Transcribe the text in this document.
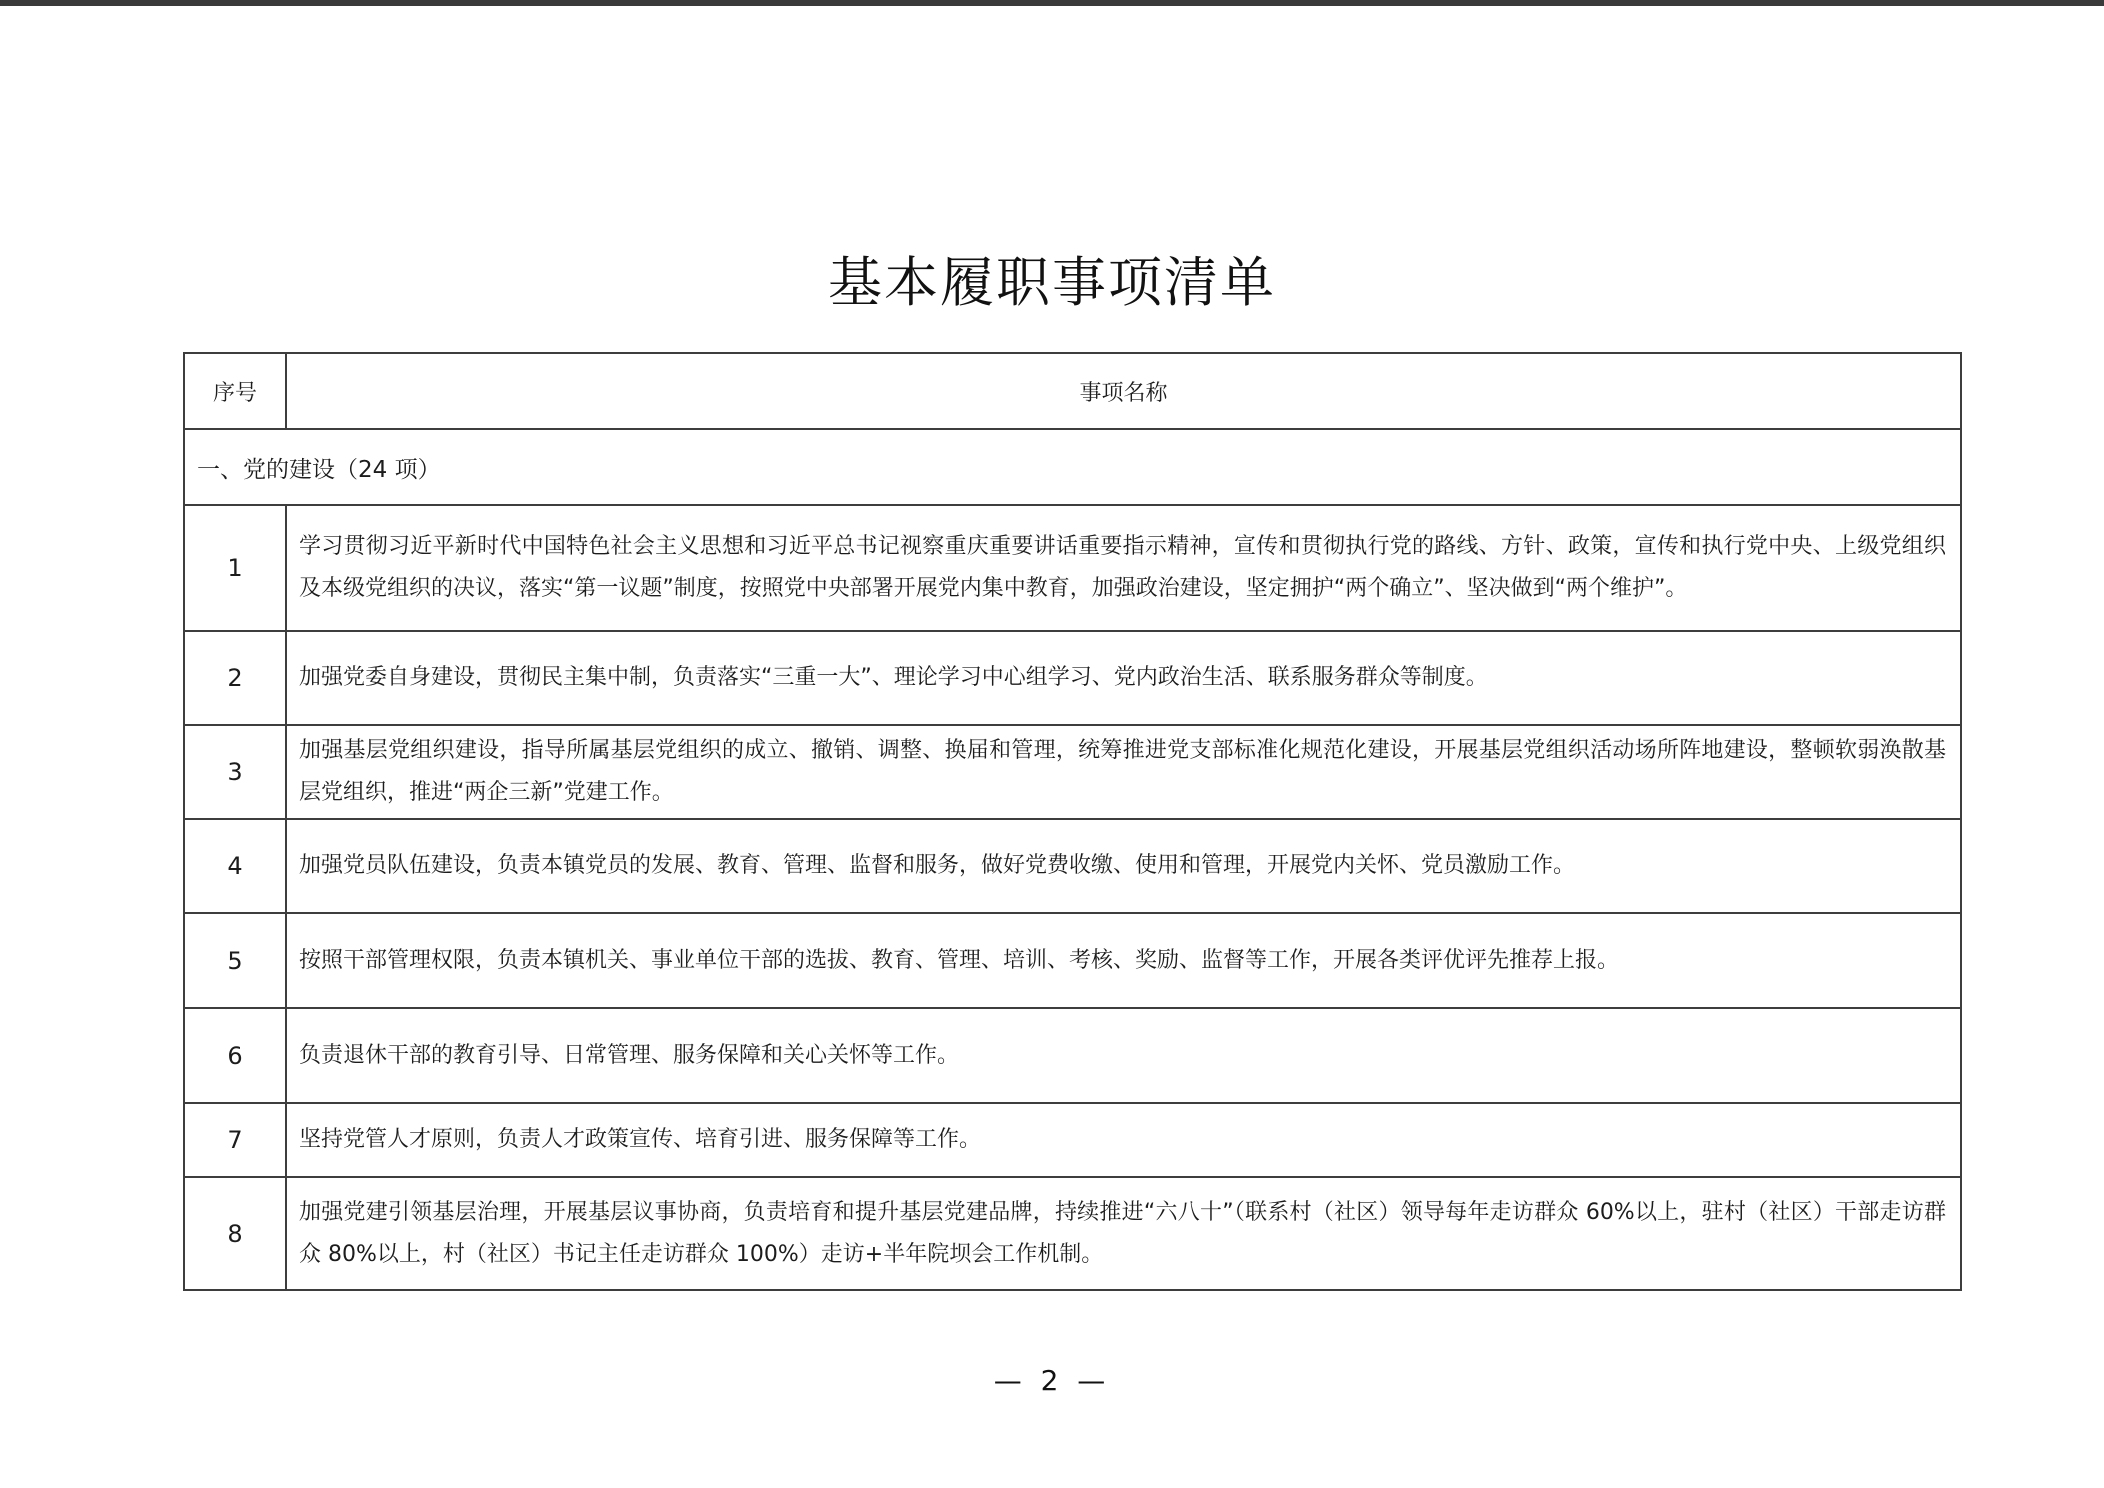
基本履职事项清单
序号	事项名称
一、党的建设（24 项）	
1	学习贯彻习近平新时代中国特色社会主义思想和习近平总书记视察重庆重要讲话重要指示精神，宣传和贯彻执行党的路线、方针、政策，宣传和执行党中央、上级党组织及本级党组织的决议，落实“第一议题”制度，按照党中央部署开展党内集中教育，加强政治建设，坚定拥护“两个确立”、坚决做到“两个维护”。
2	加强党委自身建设，贯彻民主集中制，负责落实“三重一大”、理论学习中心组学习、党内政治生活、联系服务群众等制度。
3	加强基层党组织建设，指导所属基层党组织的成立、撤销、调整、换届和管理，统筹推进党支部标准化规范化建设，开展基层党组织活动场所阵地建设，整顿软弱涣散基层党组织，推进“两企三新”党建工作。
4	加强党员队伍建设，负责本镇党员的发展、教育、管理、监督和服务，做好党费收缴、使用和管理，开展党内关怀、党员激励工作。
5	按照干部管理权限，负责本镇机关、事业单位干部的选拔、教育、管理、培训、考核、奖励、监督等工作，开展各类评优评先推荐上报。
6	负责退休干部的教育引导、日常管理、服务保障和关心关怀等工作。
7	坚持党管人才原则，负责人才政策宣传、培育引进、服务保障等工作。
8	加强党建引领基层治理，开展基层议事协商，负责培育和提升基层党建品牌，持续推进“六八十”（联系村（社区）领导每年走访群众 60%以上，驻村（社区）干部走访群众 80%以上，村（社区）书记主任走访群众 100%）走访+半年院坝会工作机制。
— 2 —
